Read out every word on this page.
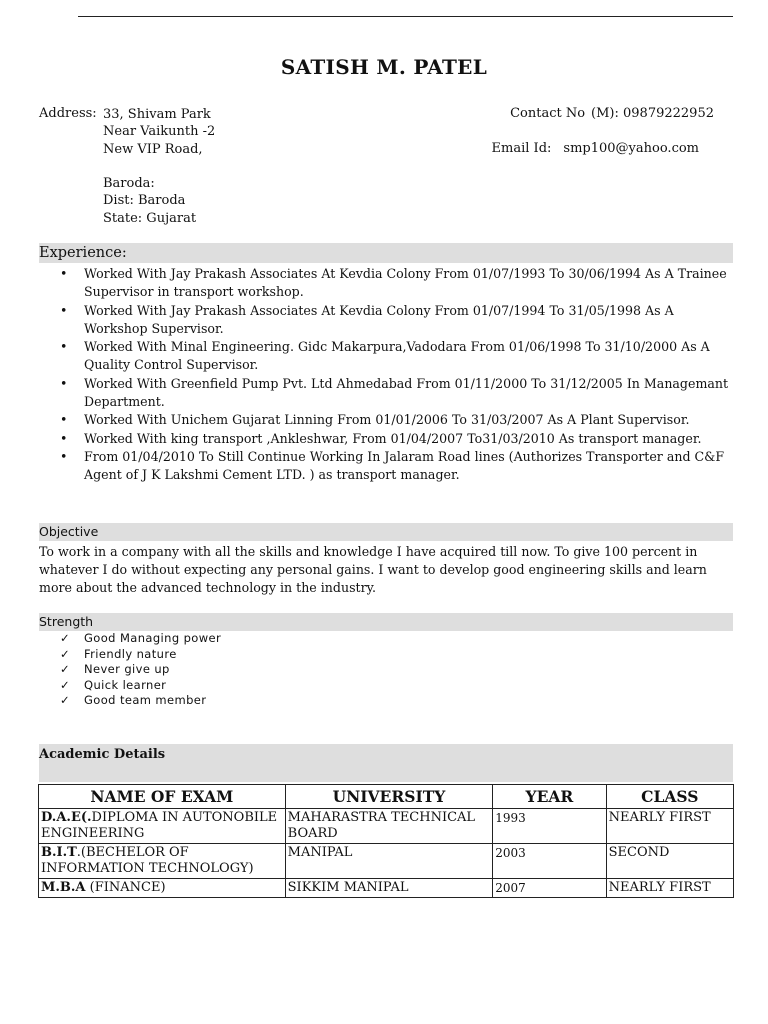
SATISH M. PATEL
Address: 33, Shivam Park
Near Vaikunth -2
New VIP Road,
Baroda:
Dist: Baroda
State: Gujarat
Contact No (M): 09879222952
Email Id: smp100@yahoo.com
Experience:
• Worked With Jay Prakash Associates At Kevdia Colony From 01/07/1993 To 30/06/1994 As A Trainee Supervisor in transport workshop.
• Worked With Jay Prakash Associates At Kevdia Colony From 01/07/1994 To 31/05/1998 As A Workshop Supervisor.
• Worked With Minal Engineering. Gidc Makarpura,Vadodara From 01/06/1998 To 31/10/2000 As A Quality Control Supervisor.
• Worked With Greenfield Pump Pvt. Ltd Ahmedabad From 01/11/2000 To 31/12/2005 In Managemant Department.
• Worked With Unichem Gujarat Linning From 01/01/2006 To 31/03/2007 As A Plant Supervisor.
• Worked With king transport ,Ankleshwar, From 01/04/2007 To31/03/2010 As transport manager.
• From 01/04/2010 To Still Continue Working In Jalaram Road lines (Authorizes Transporter and C&F Agent of J K Lakshmi Cement LTD. ) as transport manager.
Objective
To work in a company with all the skills and knowledge I have acquired till now. To give 100 percent in whatever I do without expecting any personal gains. I want to develop good engineering skills and learn more about the advanced technology in the industry.
Strength
✓ Good Managing power
✓ Friendly nature
✓ Never give up
✓ Quick learner
✓ Good team member
Academic Details
NAME OF EXAM	UNIVERSITY	YEAR	CLASS
D.A.E(.DIPLOMA IN AUTONOBILE ENGINEERING	MAHARASTRA TECHNICAL BOARD	1993	NEARLY FIRST
B.I.T.(BECHELOR OF INFORMATION TECHNOLOGY)	MANIPAL	2003	SECOND
M.B.A (FINANCE)	SIKKIM MANIPAL	2007	NEARLY FIRST
